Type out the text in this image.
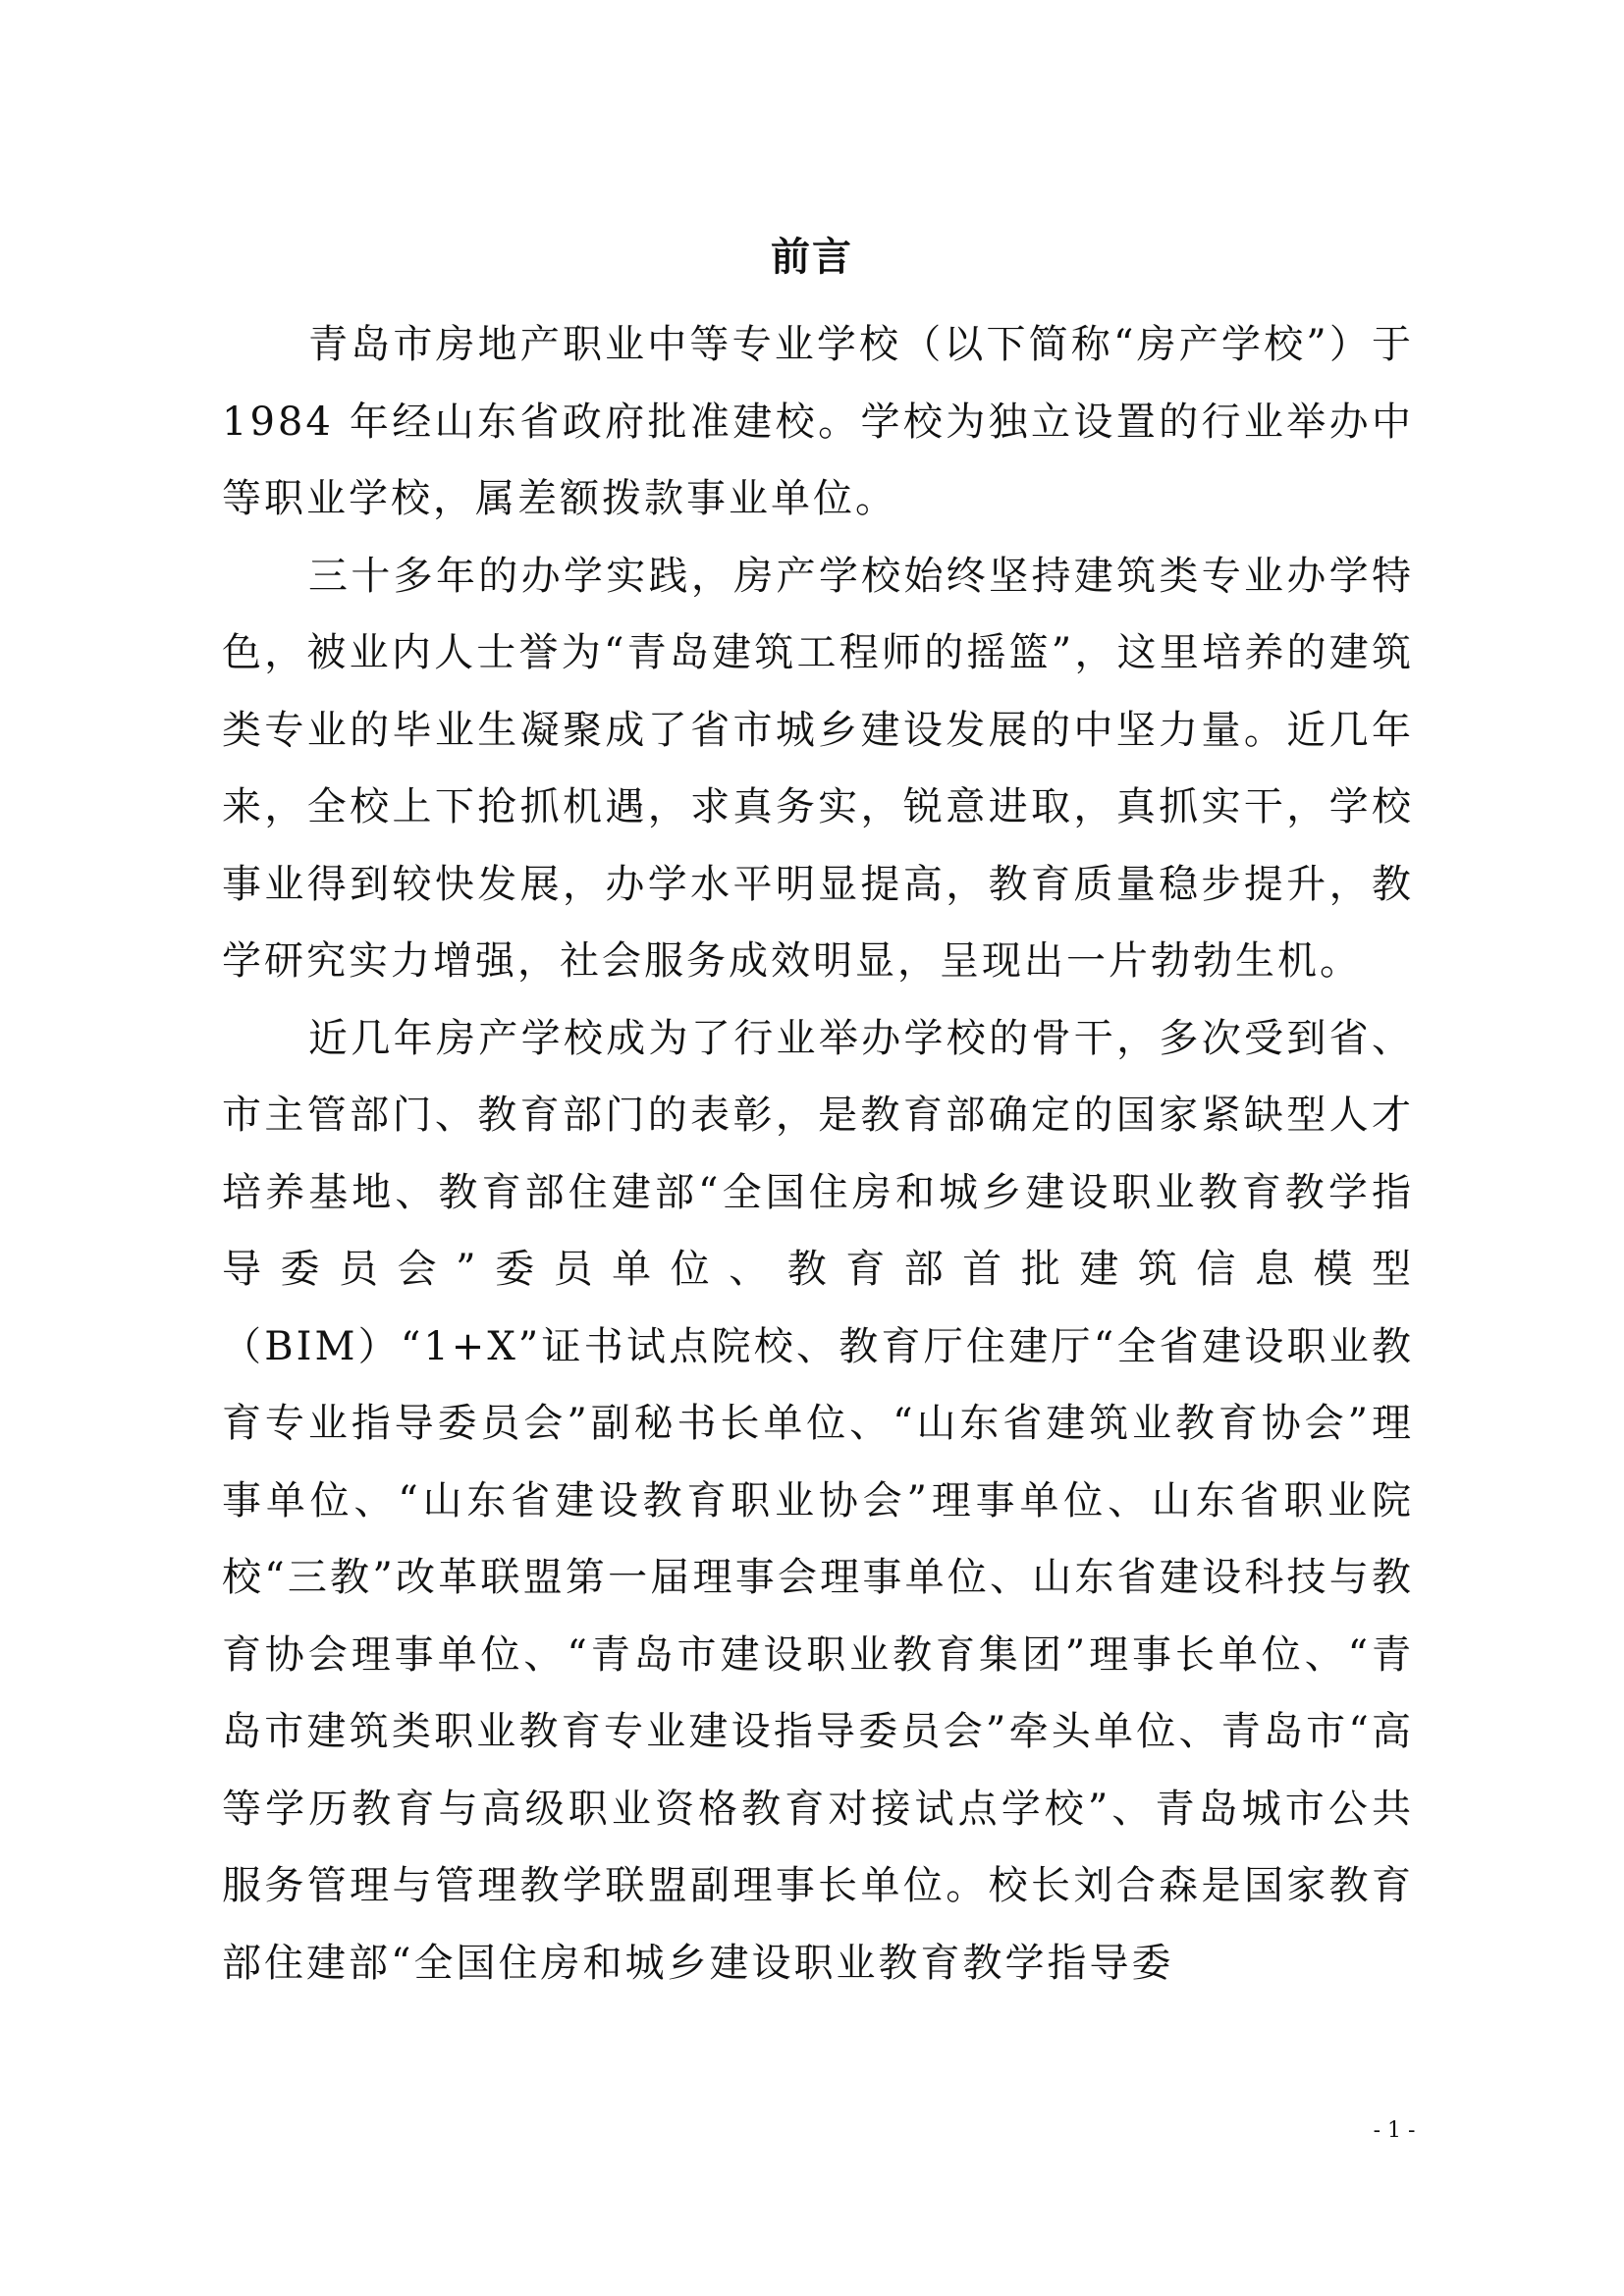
前言

青岛市房地产职业中等专业学校（以下简称“房产学校”）于 1984 年经山东省政府批准建校。学校为独立设置的行业举办中等职业学校，属差额拨款事业单位。

三十多年的办学实践，房产学校始终坚持建筑类专业办学特色，被业内人士誉为“青岛建筑工程师的摇篮”，这里培养的建筑类专业的毕业生凝聚成了省市城乡建设发展的中坚力量。近几年来，全校上下抢抓机遇，求真务实，锐意进取，真抓实干，学校事业得到较快发展，办学水平明显提高，教育质量稳步提升，教学研究实力增强，社会服务成效明显，呈现出一片勃勃生机。

近几年房产学校成为了行业举办学校的骨干，多次受到省、市主管部门、教育部门的表彰，是教育部确定的国家紧缺型人才培养基地、教育部住建部“全国住房和城乡建设职业教育教学指导委员会”委员单位、教育部首批建筑信息模型（BIM）“1+X”证书试点院校、教育厅住建厅“全省建设职业教育专业指导委员会”副秘书长单位、“山东省建筑业教育协会”理事单位、“山东省建设教育职业协会”理事单位、山东省职业院校“三教”改革联盟第一届理事会理事单位、山东省建设科技与教育协会理事单位、“青岛市建设职业教育集团”理事长单位、“青岛市建筑类职业教育专业建设指导委员会”牵头单位、青岛市“高等学历教育与高级职业资格教育对接试点学校”、青岛城市公共服务管理与管理教学联盟副理事长单位。校长刘合森是国家教育部住建部“全国住房和城乡建设职业教育教学指导委

- 1 -
